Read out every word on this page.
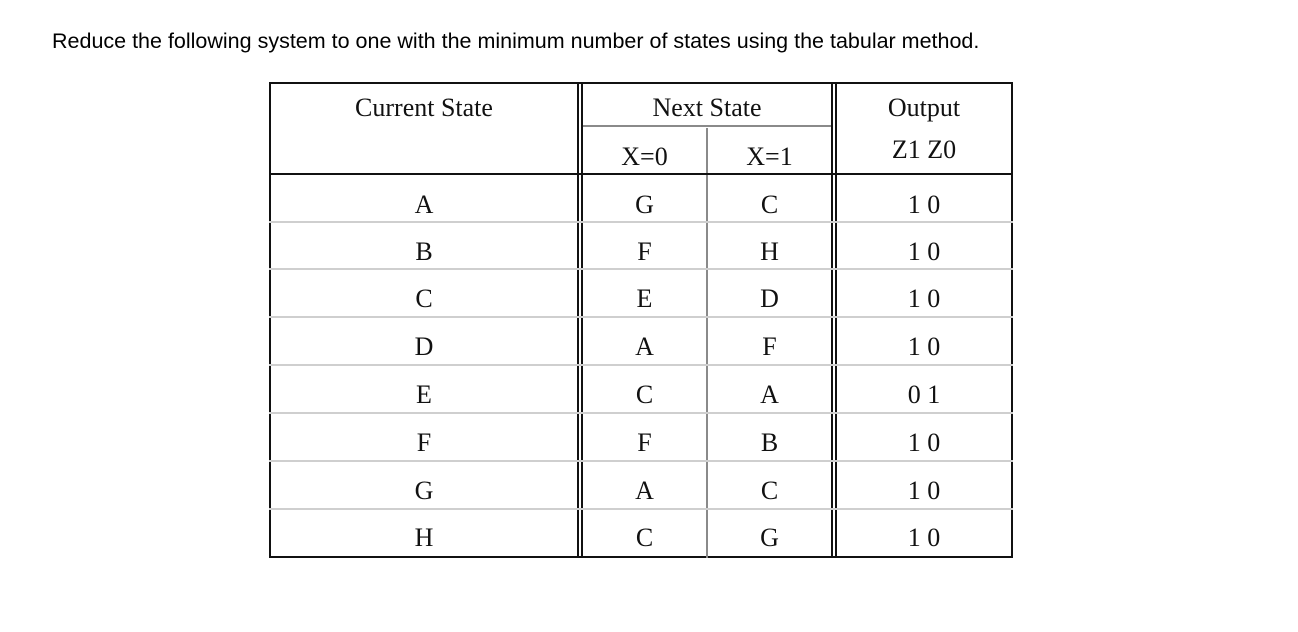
Reduce the following system to one with the minimum number of states using the tabular method.
Current State	Next State
X=0	X=1
Output
Z1 Z0
A	G	C	1 0
B	F	H	1 0
C	E	D	1 0
D	A	F	1 0
E	C	A	0 1
F	F	B	1 0
G	A	C	1 0
H	C	G	1 0
